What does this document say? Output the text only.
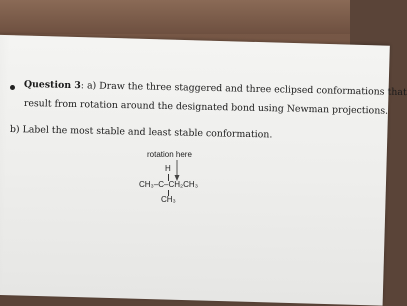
Question 3: a) Draw the three staggered and three eclipsed conformations that
result from rotation around the designated bond using Newman projections.
b) Label the most stable and least stable conformation.
rotation here
H
CH₃–C–CH₂CH₃
CH₃
